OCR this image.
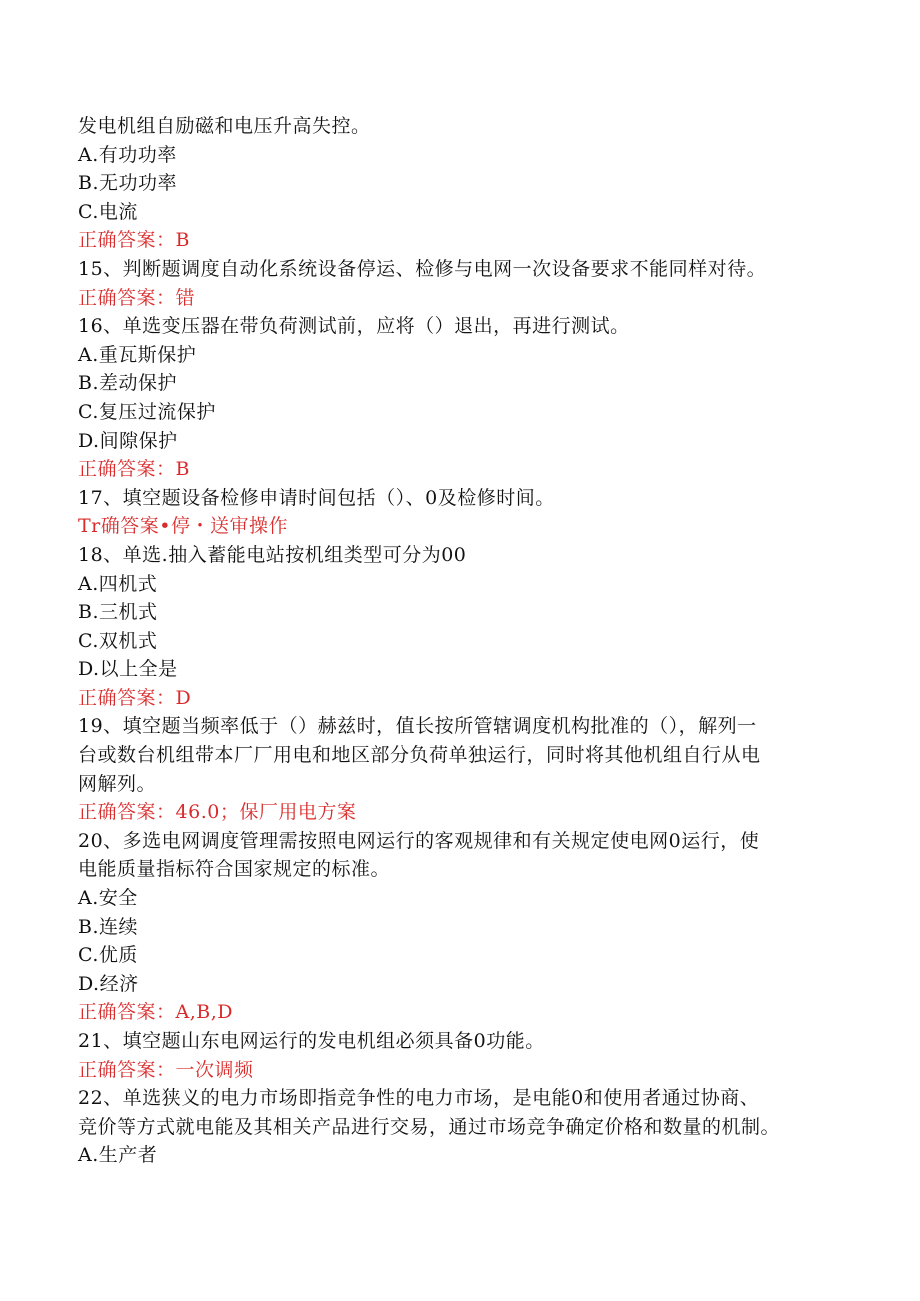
发电机组自励磁和电压升高失控。
A.有功功率
B.无功功率
C.电流
正确答案：B
15、判断题调度自动化系统设备停运、检修与电网一次设备要求不能同样对待。
正确答案：错
16、单选变压器在带负荷测试前，应将（）退出，再进行测试。
A.重瓦斯保护
B.差动保护
C.复压过流保护
D.间隙保护
正确答案：B
17、填空题设备检修申请时间包括（）、0及检修时间。
Tr确答案•停・送审操作
18、单选.抽入蓄能电站按机组类型可分为00
A.四机式
B.三机式
C.双机式
D.以上全是
正确答案：D
19、填空题当频率低于（）赫兹时，值长按所管辖调度机构批准的（），解列一
台或数台机组带本厂厂用电和地区部分负荷单独运行，同时将其他机组自行从电
网解列。
正确答案：46.0；保厂用电方案
20、多选电网调度管理需按照电网运行的客观规律和有关规定使电网0运行，使
电能质量指标符合国家规定的标准。
A.安全
B.连续
C.优质
D.经济
正确答案：A,B,D
21、填空题山东电网运行的发电机组必须具备0功能。
正确答案：一次调频
22、单选狭义的电力市场即指竞争性的电力市场，是电能0和使用者通过协商、
竞价等方式就电能及其相关产品进行交易，通过市场竞争确定价格和数量的机制。
A.生产者
